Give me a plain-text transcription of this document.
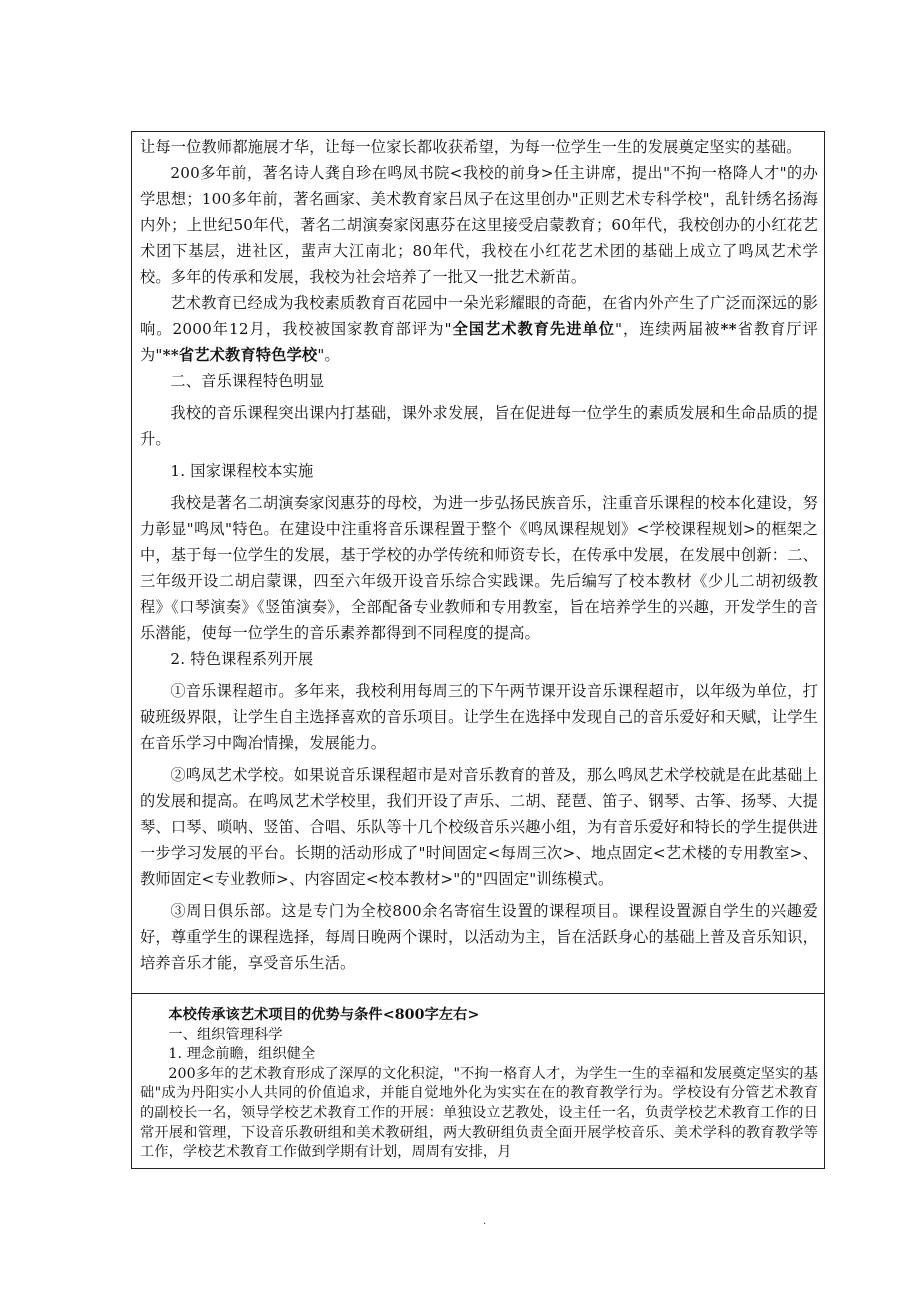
让每一位教师都施展才华，让每一位家长都收获希望，为每一位学生一生的发展奠定坚实的基础。

200多年前，著名诗人龚自珍在鸣凤书院<我校的前身>任主讲席，提出"不拘一格降人才"的办学思想；100多年前，著名画家、美术教育家吕凤子在这里创办"正则艺术专科学校"，乱针绣名扬海内外；上世纪50年代，著名二胡演奏家闵惠芬在这里接受启蒙教育；60年代，我校创办的小红花艺术团下基层，进社区，蜚声大江南北；80年代，我校在小红花艺术团的基础上成立了鸣凤艺术学校。多年的传承和发展，我校为社会培养了一批又一批艺术新苗。

艺术教育已经成为我校素质教育百花园中一朵光彩耀眼的奇葩，在省内外产生了广泛而深远的影响。2000年12月，我校被国家教育部评为"全国艺术教育先进单位"，连续两届被**省教育厅评为"**省艺术教育特色学校"。

二、音乐课程特色明显

我校的音乐课程突出课内打基础，课外求发展，旨在促进每一位学生的素质发展和生命品质的提升。

1. 国家课程校本实施

我校是著名二胡演奏家闵惠芬的母校，为进一步弘扬民族音乐，注重音乐课程的校本化建设，努力彰显"鸣凤"特色。在建设中注重将音乐课程置于整个《鸣凤课程规划》<学校课程规划>的框架之中，基于每一位学生的发展，基于学校的办学传统和师资专长，在传承中发展，在发展中创新：二、三年级开设二胡启蒙课，四至六年级开设音乐综合实践课。先后编写了校本教材《少儿二胡初级教程》《口琴演奏》《竖笛演奏》，全部配备专业教师和专用教室，旨在培养学生的兴趣，开发学生的音乐潜能，使每一位学生的音乐素养都得到不同程度的提高。

2. 特色课程系列开展

①音乐课程超市。多年来，我校利用每周三的下午两节课开设音乐课程超市，以年级为单位，打破班级界限，让学生自主选择喜欢的音乐项目。让学生在选择中发现自己的音乐爱好和天赋，让学生在音乐学习中陶冶情操，发展能力。

②鸣凤艺术学校。如果说音乐课程超市是对音乐教育的普及，那么鸣凤艺术学校就是在此基础上的发展和提高。在鸣凤艺术学校里，我们开设了声乐、二胡、琵琶、笛子、钢琴、古筝、扬琴、大提琴、口琴、唢呐、竖笛、合唱、乐队等十几个校级音乐兴趣小组，为有音乐爱好和特长的学生提供进一步学习发展的平台。长期的活动形成了"时间固定<每周三次>、地点固定<艺术楼的专用教室>、教师固定<专业教师>、内容固定<校本教材>"的"四固定"训练模式。

③周日俱乐部。这是专门为全校800余名寄宿生设置的课程项目。课程设置源自学生的兴趣爱好，尊重学生的课程选择，每周日晚两个课时，以活动为主，旨在活跃身心的基础上普及音乐知识，培养音乐才能，享受音乐生活。

本校传承该艺术项目的优势与条件<800字左右>

一、组织管理科学

1. 理念前瞻，组织健全

200多年的艺术教育形成了深厚的文化积淀，"不拘一格育人才，为学生一生的幸福和发展奠定坚实的基础"成为丹阳实小人共同的价值追求，并能自觉地外化为实实在在的教育教学行为。学校设有分管艺术教育的副校长一名，领导学校艺术教育工作的开展：单独设立艺教处，设主任一名，负责学校艺术教育工作的日常开展和管理，下设音乐教研组和美术教研组，两大教研组负责全面开展学校音乐、美术学科的教育教学等工作，学校艺术教育工作做到学期有计划，周周有安排，月

.
